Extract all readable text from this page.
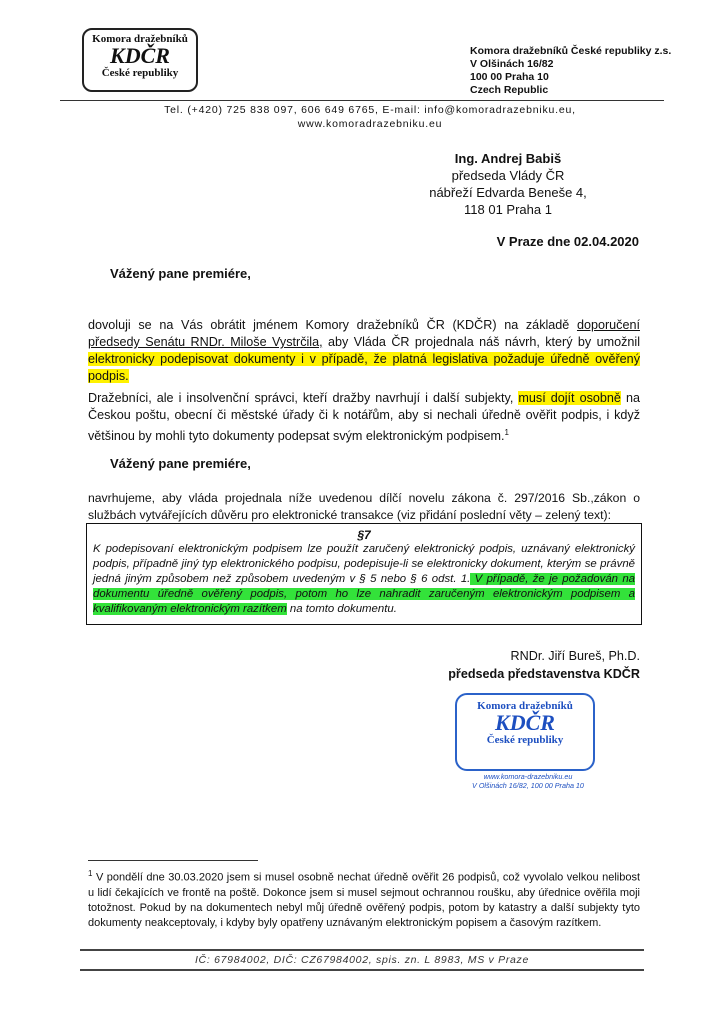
Komora dražebníků
KDČR
České republiky
Komora dražebníků České republiky z.s.
V Olšinách 16/82
100 00 Praha 10
Czech Republic
Tel. (+420) 725 838 097, 606 649 6765, E-mail: info@komoradrazebniku.eu,
www.komoradrazebniku.eu
Ing. Andrej Babiš
předseda Vlády ČR
nábřeží Edvarda Beneše 4,
118 01 Praha 1
V Praze dne 02.04.2020
Vážený pane premiére,
dovoluji se na Vás obrátit jménem Komory dražebníků ČR (KDČR) na základě doporučení předsedy Senátu RNDr. Miloše Vystrčila, aby Vláda ČR projednala náš návrh, který by umožnil elektronicky podepisovat dokumenty i v případě, že platná legislativa požaduje úředně ověřený podpis.
Dražebníci, ale i insolvenční správci, kteří dražby navrhují i další subjekty, musí dojít osobně na Českou poštu, obecní či městské úřady či k notářům, aby si nechali úředně ověřit podpis, i když většinou by mohli tyto dokumenty podepsat svým elektronickým podpisem.$^1$
Vážený pane premiére,
navrhujeme, aby vláda projednala níže uvedenou dílčí novelu zákona č. 297/2016 Sb.,zákon o službách vytvářejících důvěru pro elektronické transakce (viz přidání poslední věty – zelený text):
§7
K podepisovaní elektronickým podpisem lze použít zaručený elektronický podpis, uznávaný elektronický podpis, případně jiný typ elektronického podpisu, podepisuje-li se elektronicky dokument, kterým se právně jedná jiným způsobem než způsobem uvedeným v § 5 nebo § 6 odst. 1. V případě, že je požadován na dokumentu úředně ověřený podpis, potom ho lze nahradit zaručeným elektronickým podpisem a kvalifikovaným elektronickým razítkem na tomto dokumentu.
RNDr. Jiří Bureš, Ph.D.
předseda představenstva KDČR
Komora dražebníků
KDČR
České republiky
www.komora-drazebniku.eu
V Olšinách 16/82, 100 00 Praha 10
$^1$ V pondělí dne 30.03.2020 jsem si musel osobně nechat úředně ověřit 26 podpisů, což vyvolalo velkou nelibost u lidí čekajících ve frontě na poště. Dokonce jsem si musel sejmout ochrannou roušku, aby úřednice ověřila moji totožnost. Pokud by na dokumentech nebyl můj úředně ověřený podpis, potom by katastry a další subjekty tyto dokumenty neakceptovaly, i kdyby byly opatřeny uznávaným elektronickým popisem a časovým razítkem.
IČ: 67984002, DIČ: CZ67984002, spis. zn. L 8983, MS v Praze
